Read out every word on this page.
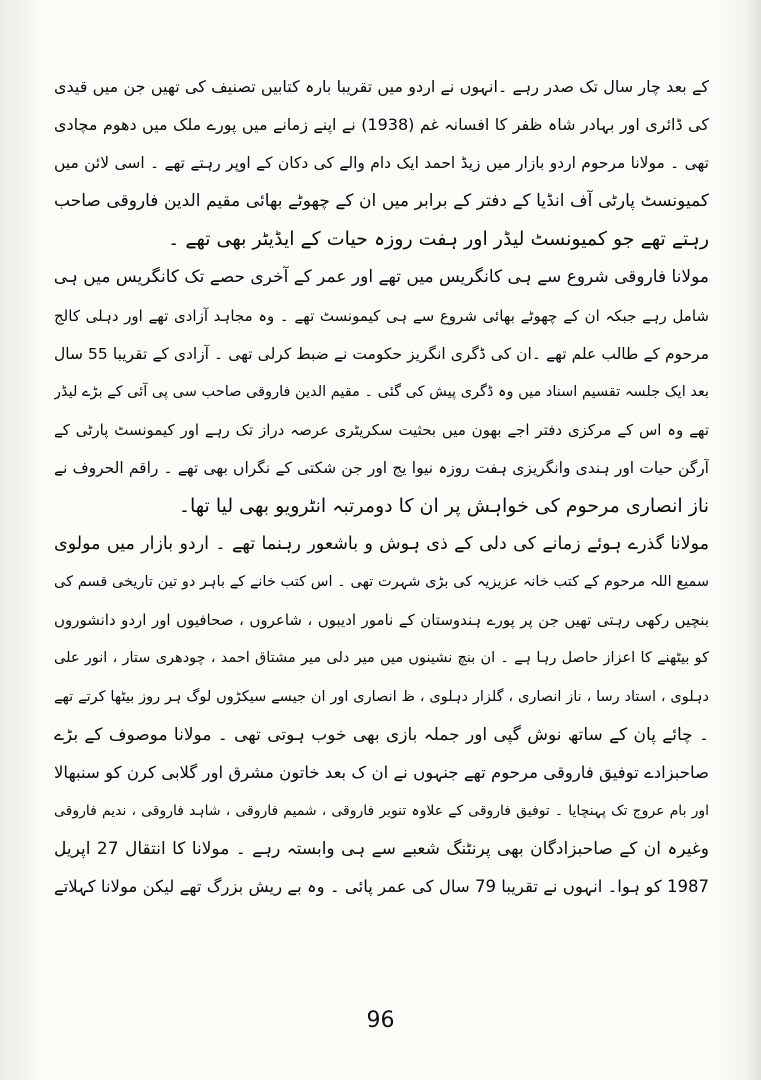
کے بعد چار سال تک صدر رہے ۔انہوں نے اردو میں تقریبا بارہ کتابیں تصنیف کی تھیں جن میں قیدی
کی ڈائری اور بہادر شاہ ظفر کا افسانہ غم (1938) نے اپنے زمانے میں پورے ملک میں دھوم مچادی
تھی ۔ مولانا مرحوم اردو بازار میں زیڈ احمد ایک دام والے کی دکان کے اوپر رہتے تھے ۔ اسی لائن میں
کمیونسٹ پارٹی آف انڈیا کے دفتر کے برابر میں ان کے چھوٹے بھائی مقیم الدین فاروقی صاحب
رہتے تھے جو کمیونسٹ لیڈر اور ہفت روزہ حیات کے ایڈیٹر بھی تھے ۔
مولانا فاروقی شروع سے ہی کانگریس میں تھے اور عمر کے آخری حصے تک کانگریس میں ہی
شامل رہے جبکہ ان کے چھوٹے بھائی شروع سے ہی کیمونسٹ تھے ۔ وہ مجاہد آزادی تھے اور دہلی کالج
مرحوم کے طالب علم تھے ۔ان کی ڈگری انگریز حکومت نے ضبط کرلی تھی ۔ آزادی کے تقریبا 55 سال
بعد ایک جلسہ تقسیم اسناد میں وہ ڈگری پیش کی گئی ۔ مقیم الدین فاروقی صاحب سی پی آئی کے بڑے لیڈر
تھے وہ اس کے مرکزی دفتر اجے بھون میں بحثیت سکریٹری عرصہ دراز تک رہے اور کیمونسٹ پارٹی کے
آرگن حیات اور ہندی وانگریزی ہفت روزہ نیوا یج اور جن شکتی کے نگراں بھی تھے ۔ راقم الحروف نے
ناز انصاری مرحوم کی خواہش پر ان کا دومرتبہ انٹرویو بھی لیا تھا۔
مولانا گذرے ہوئے زمانے کی دلی کے ذی ہوش و باشعور رہنما تھے ۔ اردو بازار میں مولوی
سمیع اللہ مرحوم کے کتب خانہ عزیزیہ کی بڑی شہرت تھی ۔ اس کتب خانے کے باہر دو تین تاریخی قسم کی
بنچیں رکھی رہتی تھیں جن پر پورے ہندوستان کے نامور ادیبوں ، شاعروں ، صحافیوں اور اردو دانشوروں
کو بیٹھنے کا اعزاز حاصل رہا ہے ۔ ان بنچ نشینوں میں میر دلی میر مشتاق احمد ، چودھری ستار ، انور علی
دہلوی ، استاد رسا ، ناز انصاری ، گلزار دہلوی ، ظ انصاری اور ان جیسے سیکڑوں لوگ ہر روز بیٹھا کرتے تھے
۔ چائے پان کے ساتھ نوش گپی اور جملہ بازی بھی خوب ہوتی تھی ۔ مولانا موصوف کے بڑے
صاحبزادے توفیق فاروقی مرحوم تھے جنہوں نے ان ک بعد خاتون مشرق اور گلابی کرن کو سنبھالا
اور بام عروج تک پہنچایا ۔ توفیق فاروقی کے علاوہ تنویر فاروقی ، شمیم فاروقی ، شاہد فاروقی ، ندیم فاروقی
وغیرہ ان کے صاحبزادگان بھی پرنٹنگ شعبے سے ہی وابستہ رہے ۔ مولانا کا انتقال 27 اپریل
1987 کو ہوا۔ انہوں نے تقریبا 79 سال کی عمر پائی ۔ وہ بے ریش بزرگ تھے لیکن مولانا کہلاتے
96
